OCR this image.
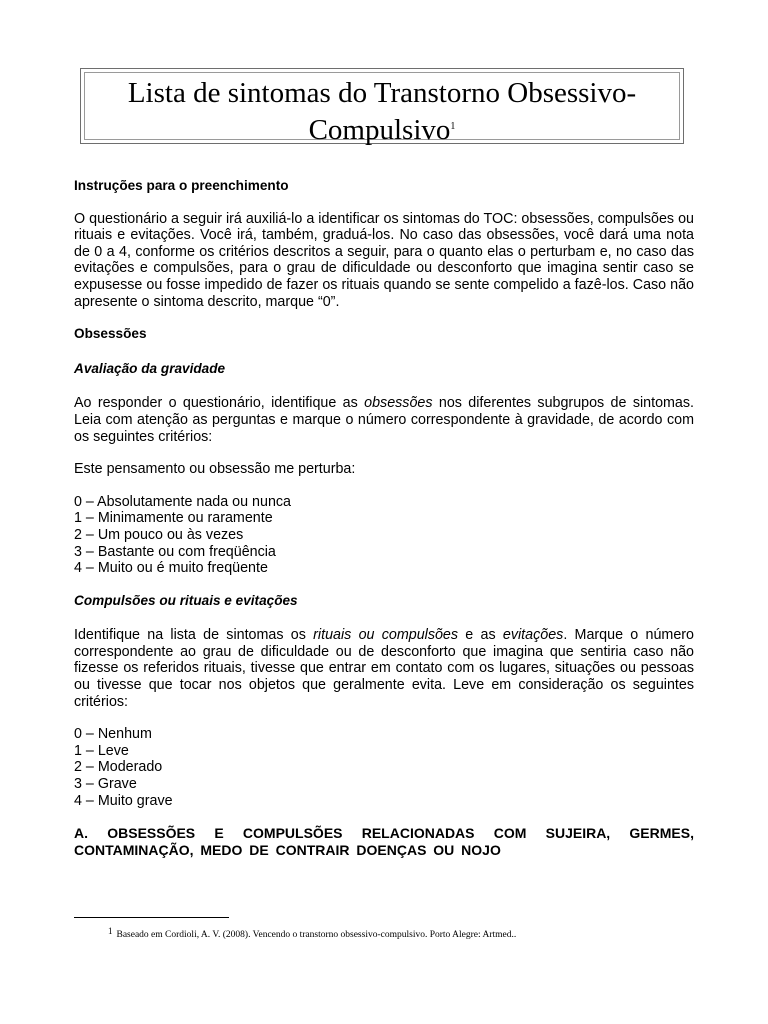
Lista de sintomas do Transtorno Obsessivo-
Compulsivo$^1$

Instruções para o preenchimento

O questionário a seguir irá auxiliá-lo a identificar os sintomas do TOC: obsessões, compulsões ou rituais e evitações. Você irá, também, graduá-los. No caso das obsessões, você dará uma nota de 0 a 4, conforme os critérios descritos a seguir, para o quanto elas o perturbam e, no caso das evitações e compulsões, para o grau de dificuldade ou desconforto que imagina sentir caso se expusesse ou fosse impedido de fazer os rituais quando se sente compelido a fazê-los. Caso não apresente o sintoma descrito, marque “0”.

Obsessões

Avaliação da gravidade

Ao responder o questionário, identifique as obsessões nos diferentes subgrupos de sintomas. Leia com atenção as perguntas e marque o número correspondente à gravidade, de acordo com os seguintes critérios:

Este pensamento ou obsessão me perturba:

0 – Absolutamente nada ou nunca

1 – Minimamente ou raramente

2 – Um pouco ou às vezes

3 – Bastante ou com freqüência

4 – Muito ou é muito freqüente

Compulsões ou rituais e evitações

Identifique na lista de sintomas os rituais ou compulsões e as evitações. Marque o número correspondente ao grau de dificuldade ou de desconforto que imagina que sentiria caso não fizesse os referidos rituais, tivesse que entrar em contato com os lugares, situações ou pessoas ou tivesse que tocar nos objetos que geralmente evita. Leve em consideração os seguintes critérios:

0 – Nenhum

1 – Leve

2 – Moderado

3 – Grave

4 – Muito grave

A. OBSESSÕES E COMPULSÕES RELACIONADAS COM SUJEIRA, GERMES, CONTAMINAÇÃO, MEDO DE CONTRAIR DOENÇAS OU NOJO

$^1$ Baseado em Cordioli, A. V. (2008). Vencendo o transtorno obsessivo-compulsivo. Porto Alegre: Artmed..
